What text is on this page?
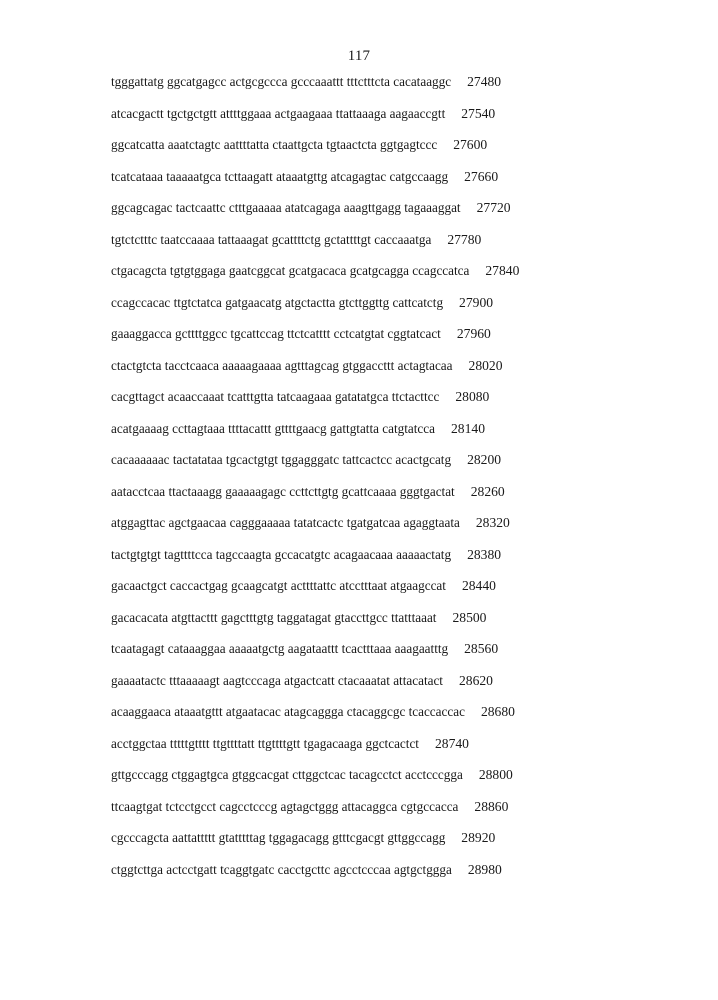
117
tgggattatg ggcatgagcc actgcgccca gcccaaattt tttctttcta cacataaggc 27480
atcacgactt tgctgctgtt attttggaaa actgaagaaa ttattaaaga aagaaccgtt 27540
ggcatcatta aaatctagtc aattttatta ctaattgcta tgtaactcta ggtgagtccc 27600
tcatcataaa taaaaatgca tcttaagatt ataaatgttg atcagagtac catgccaagg 27660
ggcagcagac tactcaattc ctttgaaaaa atatcagaga aaagttgagg tagaaaggat 27720
tgtctctttc taatccaaaa tattaaagat gcattttctg gctattttgt caccaaatga 27780
ctgacagcta tgtgtggaga gaatcggcat gcatgacaca gcatgcagga ccagccatca 27840
ccagccacac ttgtctatca gatgaacatg atgctactta gtcttggttg cattcatctg 27900
gaaaggacca gcttttggcc tgcattccag ttctcatttt cctcatgtat cggtatcact 27960
ctactgtcta tacctcaaca aaaaagaaaa agtttagcag gtggaccttt actagtacaa 28020
cacgttagct acaaccaaat tcatttgtta tatcaagaaa gatatatgca ttctacttcc 28080
acatgaaaag ccttagtaaa ttttacattt gttttgaacg gattgtatta catgtatcca 28140
cacaaaaaac tactatataa tgcactgtgt tggagggatc tattcactcc acactgcatg 28200
aatacctcaa ttactaaagg gaaaaagagc ccttcttgtg gcattcaaaa gggtgactat 28260
atggagttac agctgaacaa cagggaaaaa tatatcactc tgatgatcaa agaggtaata 28320
tactgtgtgt tagttttcca tagccaagta gccacatgtc acagaacaaa aaaaactatg 28380
gacaactgct caccactgag gcaagcatgt acttttattc atcctttaat atgaagccat 28440
gacacacata atgttacttt gagctttgtg taggatagat gtaccttgcc ttatttaaat 28500
tcaatagagt cataaaggaa aaaaatgctg aagataattt tcactttaaa aaagaatttg 28560
gaaaatactc tttaaaaagt aagtcccaga atgactcatt ctacaaatat attacatact 28620
acaaggaaca ataaatgttt atgaatacac atagcaggga ctacaggcgc tcaccaccac 28680
acctggctaa tttttgtttt ttgttttatt ttgttttgtt tgagacaaga ggctcactct 28740
gttgcccagg ctggagtgca gtggcacgat cttggctcac tacagcctct acctcccgga 28800
ttcaagtgat tctcctgcct cagcctcccg agtagctggg attacaggca cgtgccacca 28860
cgcccagcta aattattttt gtatttttag tggagacagg gtttcgacgt gttggccagg 28920
ctggtcttga actcctgatt tcaggtgatc cacctgcttc agcctcccaa agtgctggga 28980
